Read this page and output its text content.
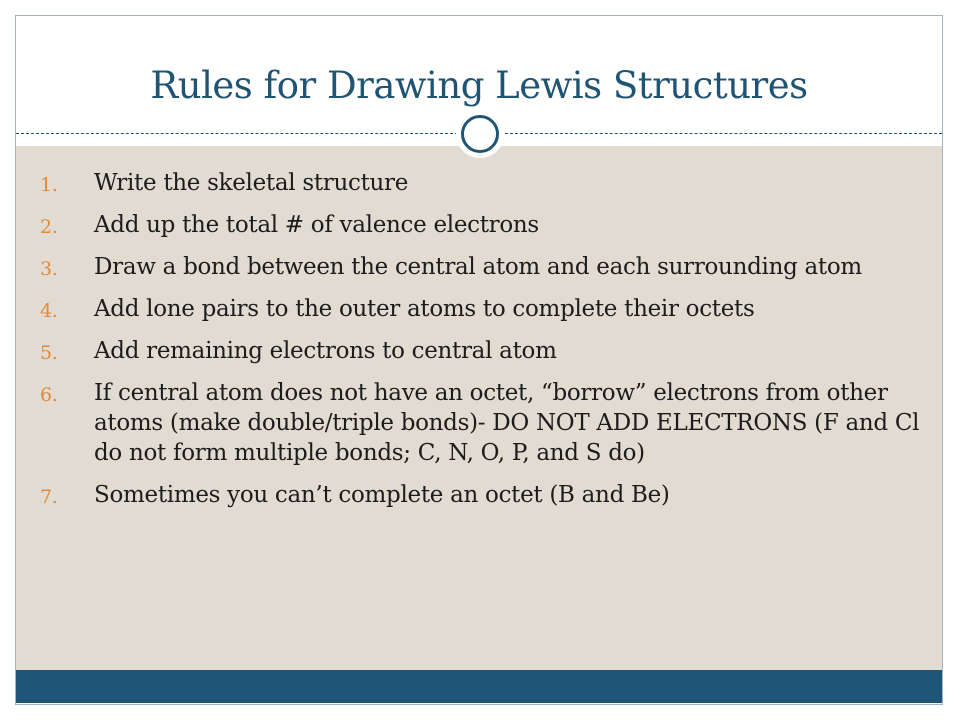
Rules for Drawing Lewis Structures
1. Write the skeletal structure
2. Add up the total # of valence electrons
3. Draw a bond between the central atom and each surrounding atom
4. Add lone pairs to the outer atoms to complete their octets
5. Add remaining electrons to central atom
6. If central atom does not have an octet, “borrow” electrons from other atoms (make double/triple bonds)- DO NOT ADD ELECTRONS (F and Cl do not form multiple bonds; C, N, O, P, and S do)
7. Sometimes you can’t complete an octet (B and Be)
